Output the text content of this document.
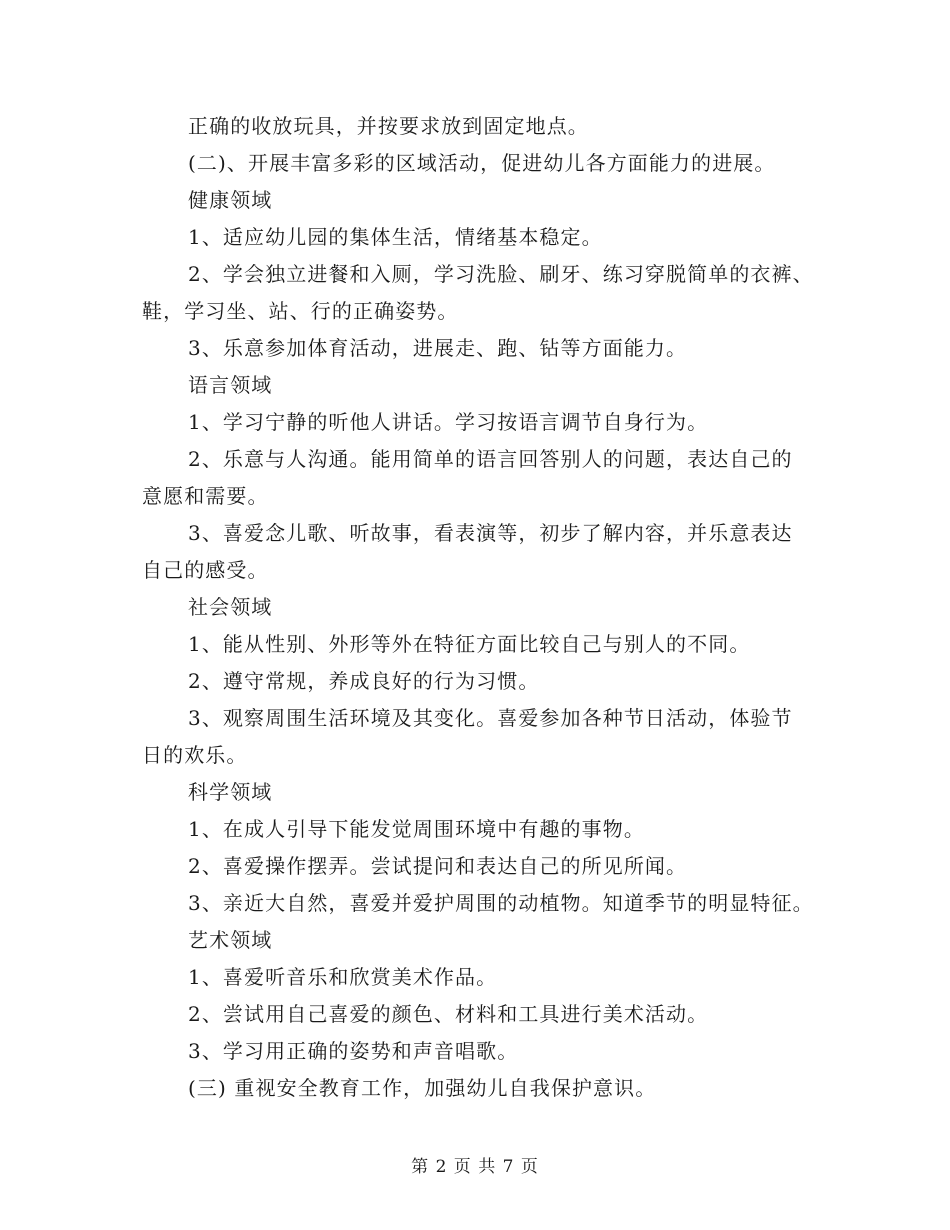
正确的收放玩具，并按要求放到固定地点。
(二)、开展丰富多彩的区域活动，促进幼儿各方面能力的进展。
健康领域
1、适应幼儿园的集体生活，情绪基本稳定。
2、学会独立进餐和入厕，学习洗脸、刷牙、练习穿脱简单的衣裤、
鞋，学习坐、站、行的正确姿势。
3、乐意参加体育活动，进展走、跑、钻等方面能力。
语言领域
1、学习宁静的听他人讲话。学习按语言调节自身行为。
2、乐意与人沟通。能用简单的语言回答别人的问题，表达自己的
意愿和需要。
3、喜爱念儿歌、听故事，看表演等，初步了解内容，并乐意表达
自己的感受。
社会领域
1、能从性别、外形等外在特征方面比较自己与别人的不同。
2、遵守常规，养成良好的行为习惯。
3、观察周围生活环境及其变化。喜爱参加各种节日活动，体验节
日的欢乐。
科学领域
1、在成人引导下能发觉周围环境中有趣的事物。
2、喜爱操作摆弄。尝试提问和表达自己的所见所闻。
3、亲近大自然，喜爱并爱护周围的动植物。知道季节的明显特征。
艺术领域
1、喜爱听音乐和欣赏美术作品。
2、尝试用自己喜爱的颜色、材料和工具进行美术活动。
3、学习用正确的姿势和声音唱歌。
(三) 重视安全教育工作，加强幼儿自我保护意识。
第 2 页 共 7 页
